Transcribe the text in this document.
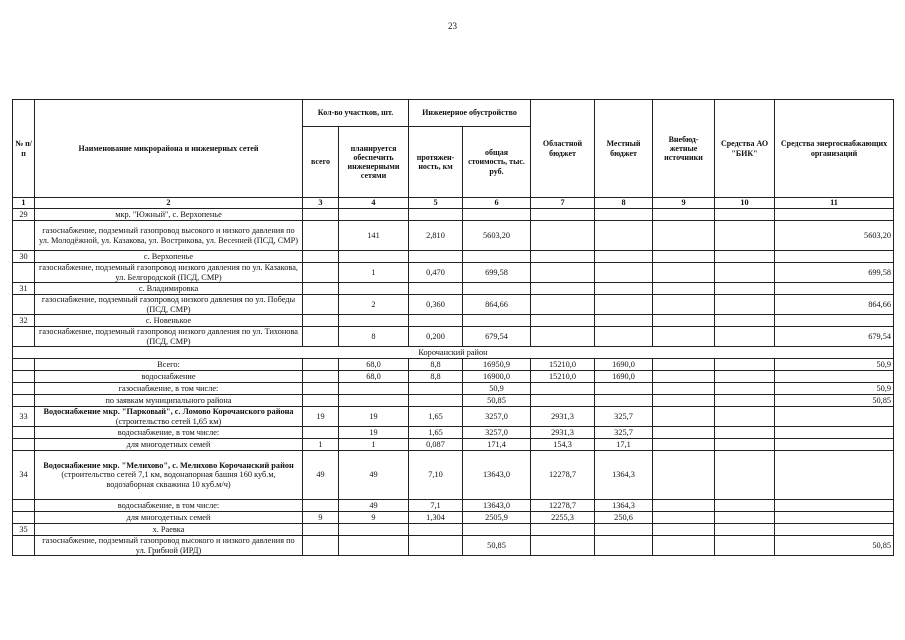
23
№ п/п	Наименование микрорайона и инженерных сетей	Кол-во участков, шт.		Инженерное обустройство		Областной бюджет	Местный бюджет	Внебюд-жетные источники	Средства АО "БИК"	Средства энергоснабжающих организаций
		всего	планируется обеспечить инженерными сетями	протяжен-ность, км	общая стоимость, тыс. руб.					
1	2	3	4	5	6	7	8	9	10	11
29	мкр. "Южный", с. Верхопенье									
	газоснабжение, подземный газопровод высокого и низкого давления по ул. Молодёжной, ул. Казакова, ул. Вострикова, ул. Весенней (ПСД, СМР)		141	2,810	5603,20					5603,20
30	с. Верхопенье									
	газоснабжение, подземный газопровод низкого давления по ул. Казакова, ул. Белгородской (ПСД, СМР)		1	0,470	699,58					699,58
31	с. Владимировка									
	газоснабжение, подземный газопровод низкого давления по ул. Победы (ПСД, СМР)		2	0,360	864,66					864,66
32	с. Новенькое									
	газоснабжение, подземный газопровод низкого давления по ул. Тихонова (ПСД, СМР)		8	0,200	679,54					679,54
Корочанский район										
	Всего:		68,0	8,8	16950,9	15210,0	1690,0			50,9
	водоснабжение		68,0	8,8	16900,0	15210,0	1690,0			
	газоснабжение, в том числе:				50,9					50,9
	по заявкам муниципального района				50,85					50,85
33	Водоснабжение мкр. "Парковый", с. Ломово Корочанского района (строительство сетей 1,65 км)	19	19	1,65	3257,0	2931,3	325,7			
	водоснабжение, в том числе:		19	1,65	3257,0	2931,3	325,7			
	для многодетных семей	1	1	0,087	171,4	154,3	17,1			
34	Водоснабжение мкр. "Мелихово", с. Мелихово Корочанский район (строительство сетей 7,1 км, водонапорная башня 160 куб.м, водозаборная скважина 10 куб.м/ч)	49	49	7,10	13643,0	12278,7	1364,3			
	водоснабжение, в том числе:		49	7,1	13643,0	12278,7	1364,3			
	для многодетных семей	9	9	1,304	2505,9	2255,3	250,6			
35	х. Раевка									
	газоснабжение, подземный газопровод высокого и низкого давления по ул. Грибной (ИРД)				50,85					50,85
